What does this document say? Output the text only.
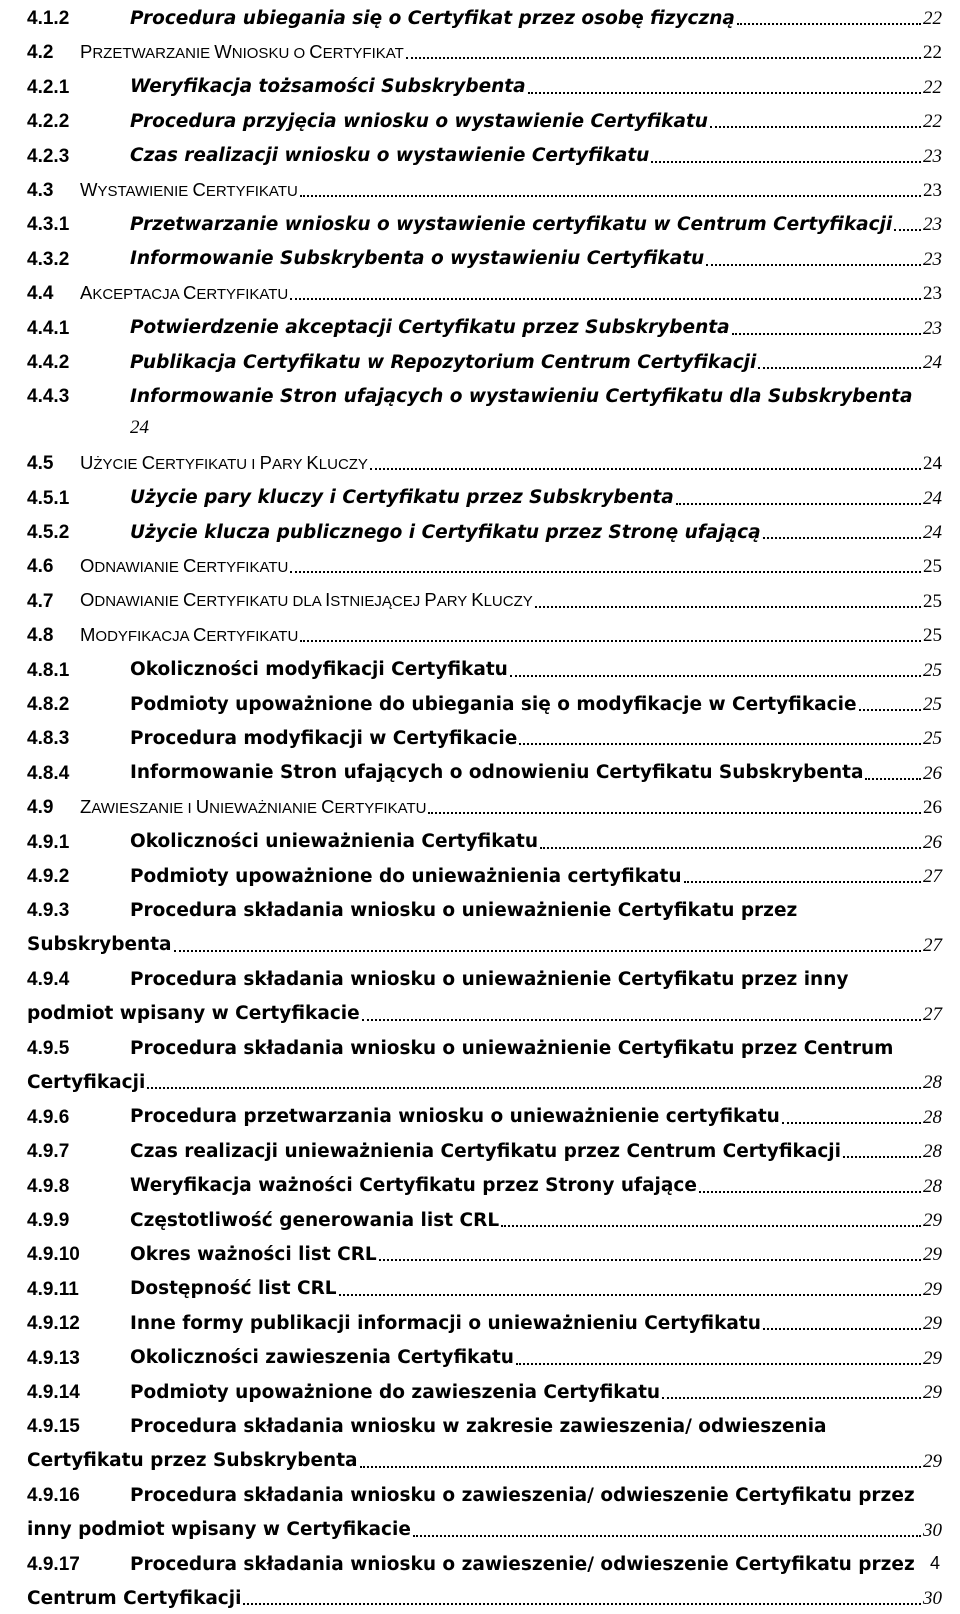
4.1.2	Procedura ubiegania się o Certyfikat przez osobę fizyczną	22
4.2 PRZETWARZANIE WNIOSKU O CERTYFIKAT	22
4.2.1	Weryfikacja tożsamości Subskrybenta	22
4.2.2	Procedura przyjęcia wniosku o wystawienie Certyfikatu	22
4.2.3	Czas realizacji wniosku o wystawienie Certyfikatu	23
4.3 WYSTAWIENIE CERTYFIKATU	23
4.3.1	Przetwarzanie wniosku o wystawienie certyfikatu w Centrum Certyfikacji 23
4.3.2	Informowanie Subskrybenta o wystawieniu Certyfikatu	23
4.4 AKCEPTACJA CERTYFIKATU	23
4.4.1	Potwierdzenie akceptacji Certyfikatu przez Subskrybenta	23
4.4.2	Publikacja Certyfikatu w Repozytorium Centrum Certyfikacji	24
4.4.3	Informowanie Stron ufających o wystawieniu Certyfikatu dla Subskrybenta
24
4.5 UŻYCIE CERTYFIKATU I PARY KLUCZY	24
4.5.1	Użycie pary kluczy i Certyfikatu przez Subskrybenta	24
4.5.2	Użycie klucza publicznego i Certyfikatu przez Stronę ufającą	24
4.6 ODNAWIANIE CERTYFIKATU	25
4.7 ODNAWIANIE CERTYFIKATU DLA ISTNIEJĄCEJ PARY KLUCZY	25
4.8 MODYFIKACJA CERTYFIKATU	25
4.8.1	Okoliczności modyfikacji Certyfikatu	25
4.8.2	Podmioty upoważnione do ubiegania się o modyfikacje w Certyfikacie	25
4.8.3	Procedura modyfikacji w Certyfikacie	25
4.8.4	Informowanie Stron ufających o odnowieniu Certyfikatu Subskrybenta	26
4.9 ZAWIESZANIE I UNIEWAŻNIANIE CERTYFIKATU	26
4.9.1	Okoliczności unieważnienia Certyfikatu	26
4.9.2	Podmioty upoważnione do unieważnienia certyfikatu	27
4.9.3	Procedura składania wniosku o unieważnienie Certyfikatu przez
Subskrybenta	27
4.9.4	Procedura składania wniosku o unieważnienie Certyfikatu przez inny
podmiot wpisany w Certyfikacie	27
4.9.5	Procedura składania wniosku o unieważnienie Certyfikatu przez Centrum
Certyfikacji	28
4.9.6	Procedura przetwarzania wniosku o unieważnienie certyfikatu	28
4.9.7	Czas realizacji unieważnienia Certyfikatu przez Centrum Certyfikacji	28
4.9.8	Weryfikacja ważności Certyfikatu przez Strony ufające	28
4.9.9	Częstotliwość generowania list CRL	29
4.9.10	Okres ważności list CRL	29
4.9.11	Dostępność list CRL	29
4.9.12	Inne formy publikacji informacji o unieważnieniu Certyfikatu	29
4.9.13	Okoliczności zawieszenia Certyfikatu	29
4.9.14	Podmioty upoważnione do zawieszenia Certyfikatu	29
4.9.15	Procedura składania wniosku w zakresie zawieszenia/ odwieszenia
Certyfikatu przez Subskrybenta	29
4.9.16	Procedura składania wniosku o zawieszenia/ odwieszenie Certyfikatu przez
inny podmiot wpisany w Certyfikacie	30
4.9.17	Procedura składania wniosku o zawieszenie/ odwieszenie Certyfikatu przez
Centrum Certyfikacji	30
4
